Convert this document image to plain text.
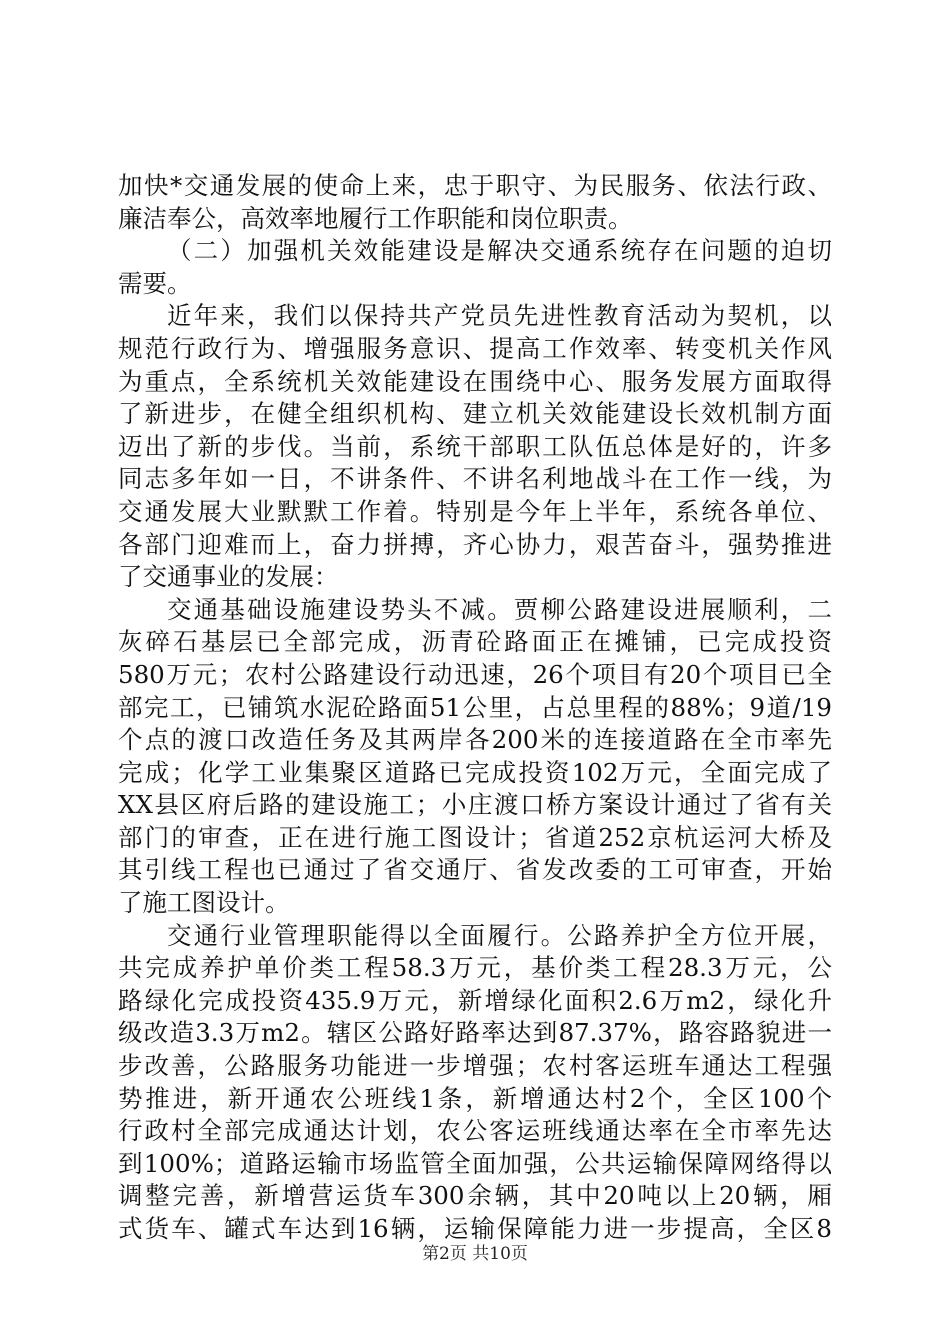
加快*交通发展的使命上来，忠于职守、为民服务、依法行政、
廉洁奉公，高效率地履行工作职能和岗位职责。
（二）加强机关效能建设是解决交通系统存在问题的迫切
需要。
近年来，我们以保持共产党员先进性教育活动为契机，以
规范行政行为、增强服务意识、提高工作效率、转变机关作风
为重点，全系统机关效能建设在围绕中心、服务发展方面取得
了新进步，在健全组织机构、建立机关效能建设长效机制方面
迈出了新的步伐。当前，系统干部职工队伍总体是好的，许多
同志多年如一日，不讲条件、不讲名利地战斗在工作一线，为
交通发展大业默默工作着。特别是今年上半年，系统各单位、
各部门迎难而上，奋力拼搏，齐心协力，艰苦奋斗，强势推进
了交通事业的发展：
交通基础设施建设势头不减。贾柳公路建设进展顺利，二
灰碎石基层已全部完成，沥青砼路面正在摊铺，已完成投资
580万元；农村公路建设行动迅速，26个项目有20个项目已全
部完工，已铺筑水泥砼路面51公里，占总里程的88%；9道/19
个点的渡口改造任务及其两岸各200米的连接道路在全市率先
完成；化学工业集聚区道路已完成投资102万元，全面完成了
XX县区府后路的建设施工；小庄渡口桥方案设计通过了省有关
部门的审查，正在进行施工图设计；省道252京杭运河大桥及
其引线工程也已通过了省交通厅、省发改委的工可审查，开始
了施工图设计。
交通行业管理职能得以全面履行。公路养护全方位开展，
共完成养护单价类工程58.3万元，基价类工程28.3万元，公
路绿化完成投资435.9万元，新增绿化面积2.6万m2，绿化升
级改造3.3万m2。辖区公路好路率达到87.37%，路容路貌进一
步改善，公路服务功能进一步增强；农村客运班车通达工程强
势推进，新开通农公班线1条，新增通达村2个，全区100个
行政村全部完成通达计划，农公客运班线通达率在全市率先达
到100%；道路运输市场监管全面加强，公共运输保障网络得以
调整完善，新增营运货车300余辆，其中20吨以上20辆，厢
式货车、罐式车达到16辆，运输保障能力进一步提高，全区8
第2页 共10页
